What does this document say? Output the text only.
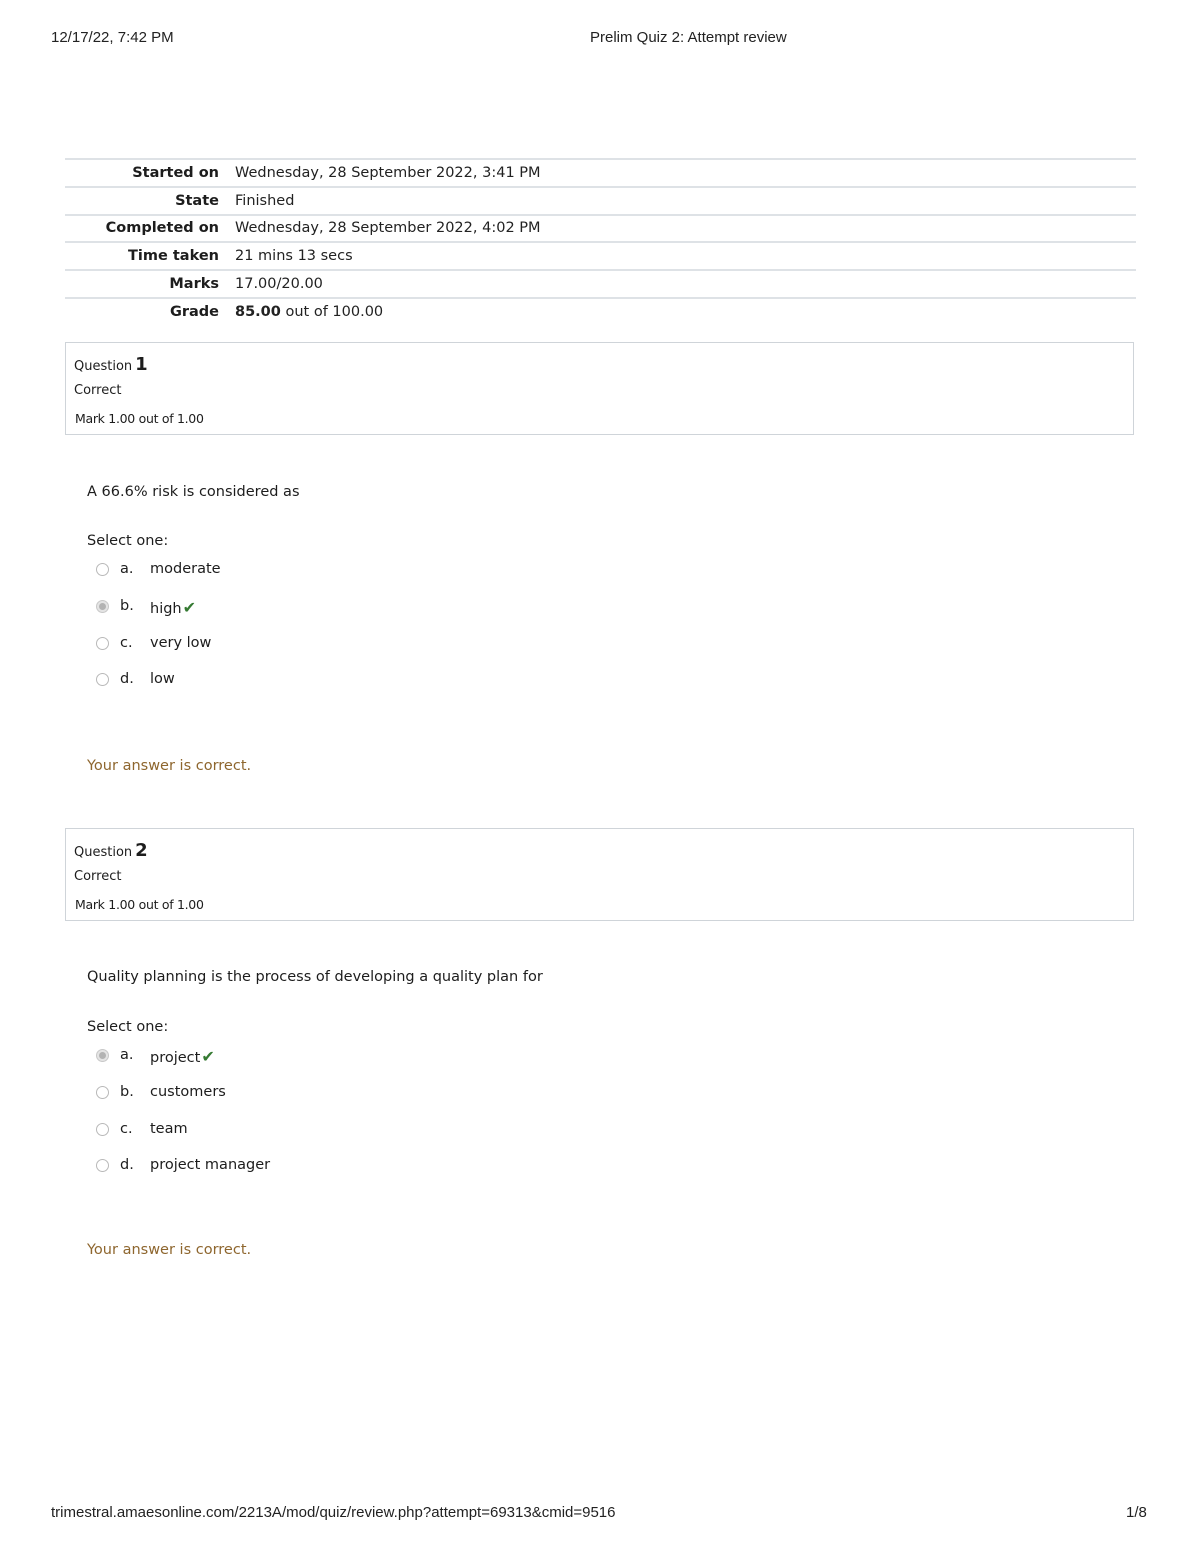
12/17/22, 7:42 PM	Prelim Quiz 2: Attempt review
Started on	Wednesday, 28 September 2022, 3:41 PM
State	Finished
Completed on	Wednesday, 28 September 2022, 4:02 PM
Time taken	21 mins 13 secs
Marks	17.00/20.00
Grade	85.00 out of 100.00
Question 1
Correct
Mark 1.00 out of 1.00
A 66.6% risk is considered as
Select one:
a. moderate
b. high✔
c. very low
d. low
Your answer is correct.
Question 2
Correct
Mark 1.00 out of 1.00
Quality planning is the process of developing a quality plan for
Select one:
a. project✔
b. customers
c. team
d. project manager
Your answer is correct.
trimestral.amaesonline.com/2213A/mod/quiz/review.php?attempt=69313&cmid=9516	1/8
